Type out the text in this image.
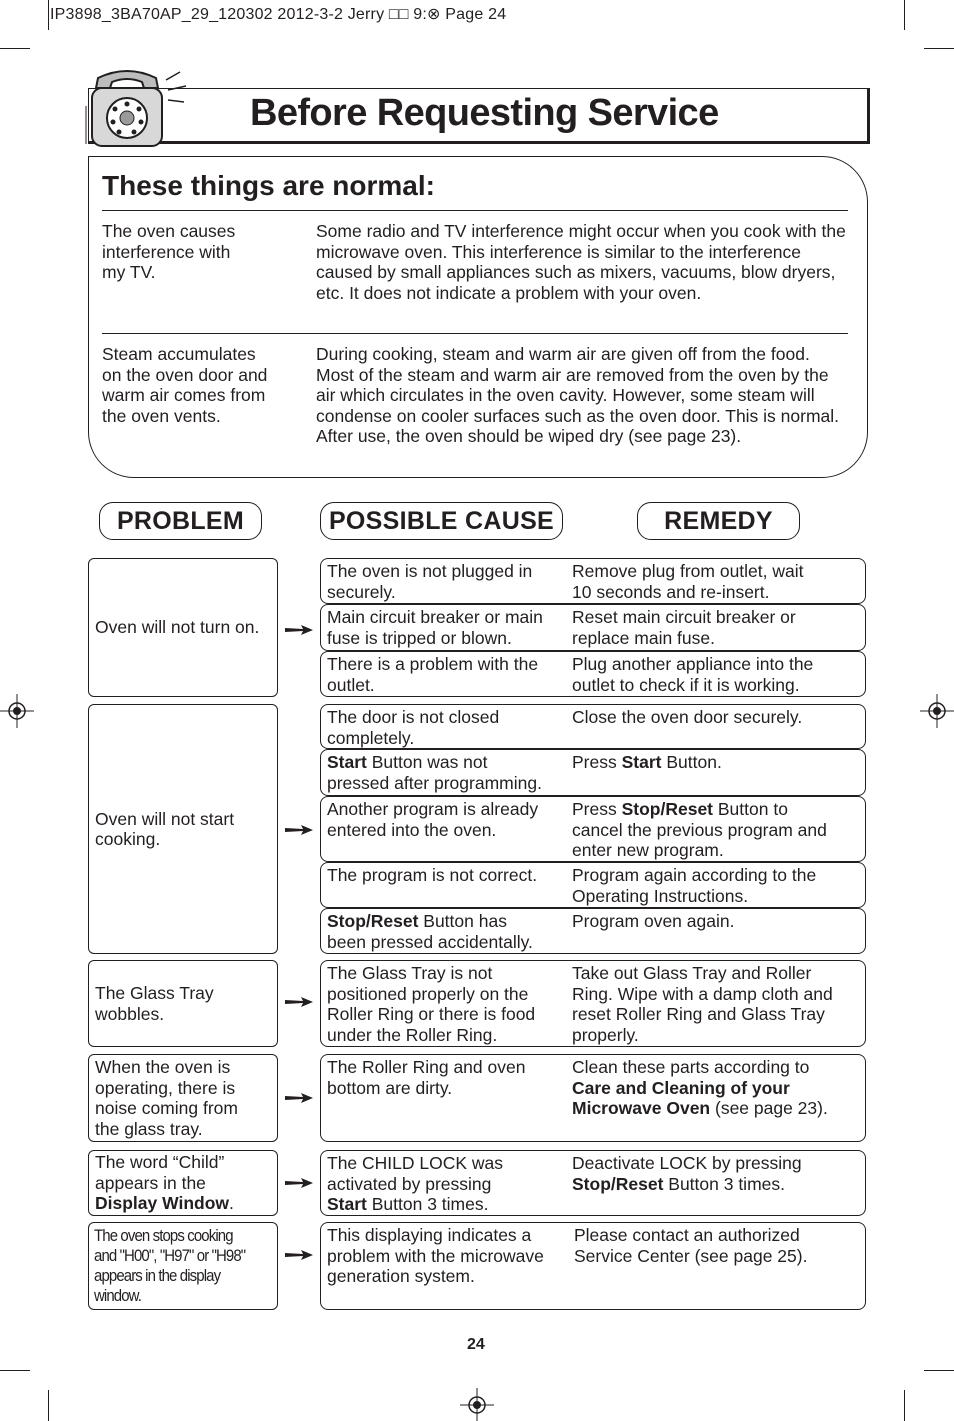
IP3898_3BA70AP_29_120302 2012-3-2 Jerry □□ 9:⊗ Page 24
Before Requesting Service
These things are normal:
The oven causes
interference with
my TV.
Some radio and TV interference might occur when you cook with the microwave oven. This interference is similar to the interference caused by small appliances such as mixers, vacuums, blow dryers, etc. It does not indicate a problem with your oven.
Steam accumulates
on the oven door and
warm air comes from
the oven vents.
During cooking, steam and warm air are given off from the food. Most of the steam and warm air are removed from the oven by the air which circulates in the oven cavity. However, some steam will condense on cooler surfaces such as the oven door. This is normal. After use, the oven should be wiped dry (see page 23).
PROBLEM	POSSIBLE CAUSE	REMEDY
Oven will not turn on.
Oven will not start
cooking.
The Glass Tray
wobbles.
When the oven is
operating, there is
noise coming from
the glass tray.
The word “Child”
appears in the
Display Window.
The oven stops cooking
and "H00", "H97" or "H98"
appears in the display
window.
The oven is not plugged in
securely.
Remove plug from outlet, wait
10 seconds and re-insert.
Main circuit breaker or main
fuse is tripped or blown.
Reset main circuit breaker or
replace main fuse.
There is a problem with the
outlet.
Plug another appliance into the
outlet to check if it is working.
The door is not closed
completely.
Close the oven door securely.
Start Button was not
pressed after programming.
Press Start Button.
Another program is already
entered into the oven.
Press Stop/Reset Button to
cancel the previous program and
enter new program.
The program is not correct. Program again according to the
Operating Instructions.
Stop/Reset Button has
been pressed accidentally.
Program oven again.
The Glass Tray is not
positioned properly on the
Roller Ring or there is food
under the Roller Ring.
Take out Glass Tray and Roller
Ring. Wipe with a damp cloth and
reset Roller Ring and Glass Tray
properly.
The Roller Ring and oven
bottom are dirty.
Clean these parts according to
Care and Cleaning of your
Microwave Oven (see page 23).
The CHILD LOCK was
activated by pressing
Start Button 3 times.
Deactivate LOCK by pressing
Stop/Reset Button 3 times.
This displaying indicates a
problem with the microwave
generation system.
Please contact an authorized
Service Center (see page 25).
24
